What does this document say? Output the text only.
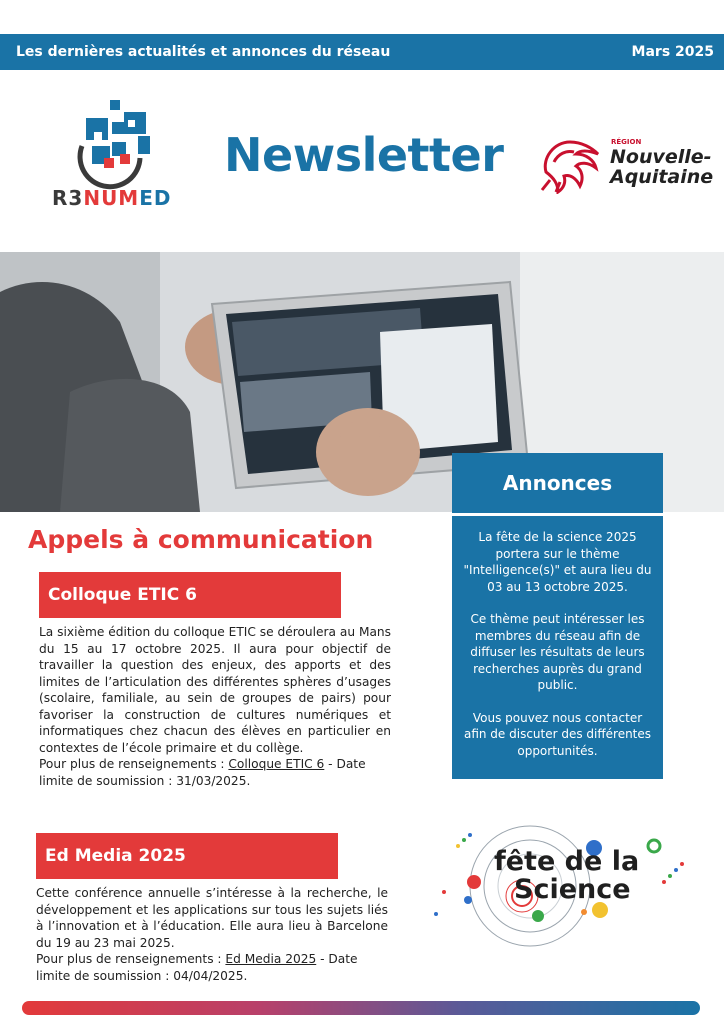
Les dernières actualités et annonces du réseau	Mars 2025
R3NUMED
Newsletter	RÉGION
Nouvelle-
Aquitaine
Annonces

La fête de la science 2025 portera sur le thème "Intelligence(s)" et aura lieu du 03 au 13 octobre 2025.

Ce thème peut intéresser les membres du réseau afin de diffuser les résultats de leurs recherches auprès du grand public.

Vous pouvez nous contacter afin de discuter des différentes opportunités.

Appels à communication
Colloque ETIC 6

La sixième édition du colloque ETIC se déroulera au Mans du 15 au 17 octobre 2025. Il aura pour objectif de travailler la question des enjeux, des apports et des limites de l’articulation des différentes sphères d’usages (scolaire, familiale, au sein de groupes de pairs) pour favoriser la construction de cultures numériques et informatiques chez chacun des élèves en particulier en contextes de l’école primaire et du collège.

Pour plus de renseignements : Colloque ETIC 6 - Date limite de soumission : 31/03/2025.

Ed Media 2025

Cette conférence annuelle s’intéresse à la recherche, le développement et les applications sur tous les sujets liés à l’innovation et à l’éducation. Elle aura lieu à Barcelone du 19 au 23 mai 2025.

Pour plus de renseignements : Ed Media 2025 - Date limite de soumission : 04/04/2025.

fête de la
Science
